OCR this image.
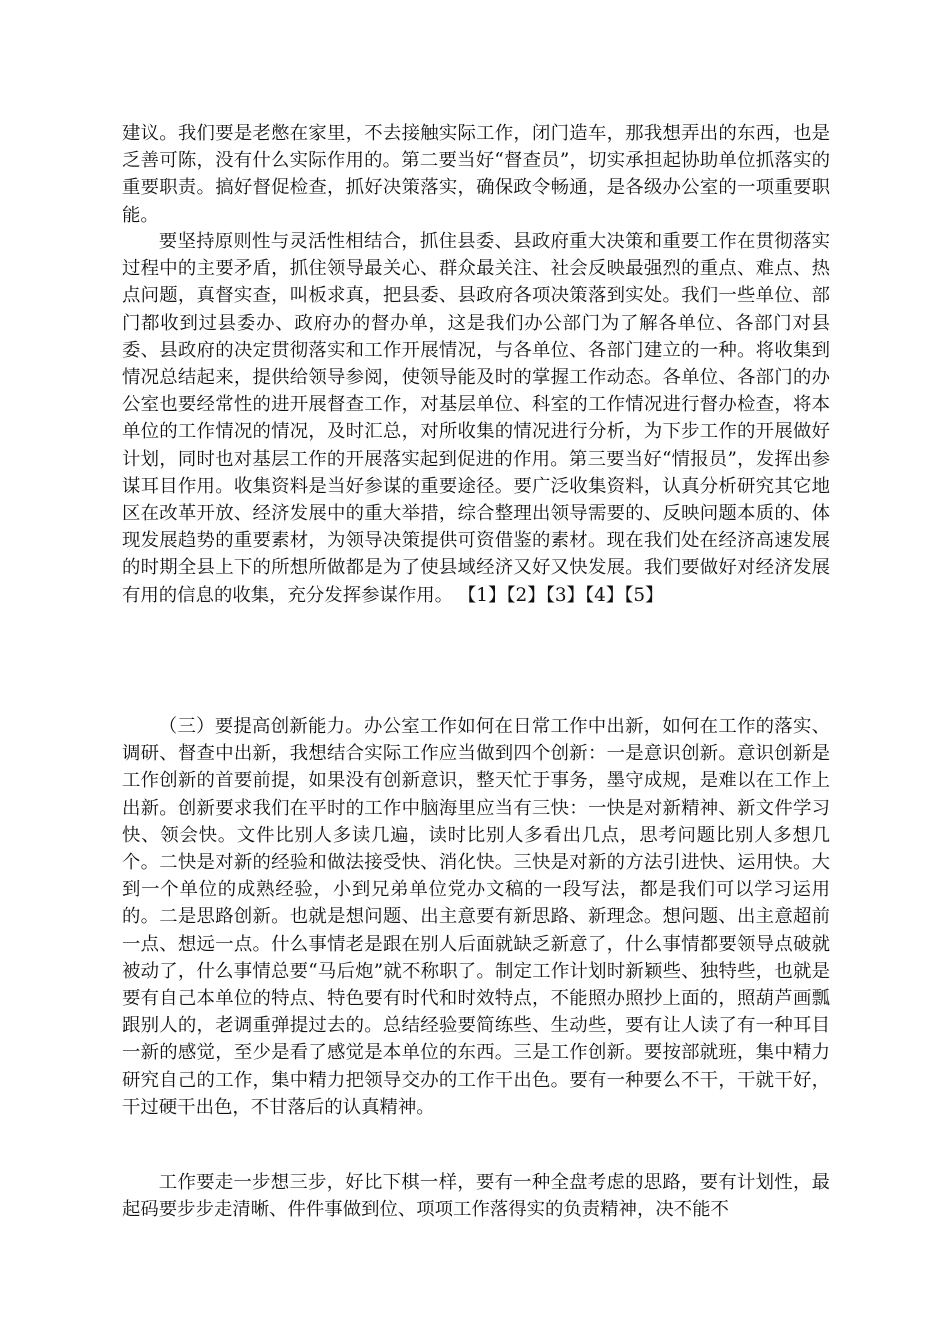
建议。我们要是老憋在家里，不去接触实际工作，闭门造车，那我想弄出的东西，也是乏善可陈，没有什么实际作用的。第二要当好“督查员”，切实承担起协助单位抓落实的重要职责。搞好督促检查，抓好决策落实，确保政令畅通，是各级办公室的一项重要职能。

要坚持原则性与灵活性相结合，抓住县委、县政府重大决策和重要工作在贯彻落实过程中的主要矛盾，抓住领导最关心、群众最关注、社会反映最强烈的重点、难点、热点问题，真督实查，叫板求真，把县委、县政府各项决策落到实处。我们一些单位、部门都收到过县委办、政府办的督办单，这是我们办公部门为了解各单位、各部门对县委、县政府的决定贯彻落实和工作开展情况，与各单位、各部门建立的一种。将收集到情况总结起来，提供给领导参阅，使领导能及时的掌握工作动态。各单位、各部门的办公室也要经常性的进开展督查工作，对基层单位、科室的工作情况进行督办检查，将本单位的工作情况的情况，及时汇总，对所收集的情况进行分析，为下步工作的开展做好计划，同时也对基层工作的开展落实起到促进的作用。第三要当好“情报员”，发挥出参谋耳目作用。收集资料是当好参谋的重要途径。要广泛收集资料，认真分析研究其它地区在改革开放、经济发展中的重大举措，综合整理出领导需要的、反映问题本质的、体现发展趋势的重要素材，为领导决策提供可资借鉴的素材。现在我们处在经济高速发展的时期全县上下的所想所做都是为了使县域经济又好又快发展。我们要做好对经济发展有用的信息的收集，充分发挥参谋作用。 【1】【2】【3】【4】【5】

（三）要提高创新能力。办公室工作如何在日常工作中出新，如何在工作的落实、调研、督查中出新，我想结合实际工作应当做到四个创新：一是意识创新。意识创新是工作创新的首要前提，如果没有创新意识，整天忙于事务，墨守成规，是难以在工作上出新。创新要求我们在平时的工作中脑海里应当有三快：一快是对新精神、新文件学习快、领会快。文件比别人多读几遍，读时比别人多看出几点，思考问题比别人多想几个。二快是对新的经验和做法接受快、消化快。三快是对新的方法引进快、运用快。大到一个单位的成熟经验，小到兄弟单位党办文稿的一段写法，都是我们可以学习运用的。二是思路创新。也就是想问题、出主意要有新思路、新理念。想问题、出主意超前一点、想远一点。什么事情老是跟在别人后面就缺乏新意了，什么事情都要领导点破就被动了，什么事情总要“马后炮”就不称职了。制定工作计划时新颖些、独特些，也就是要有自己本单位的特点、特色要有时代和时效特点，不能照办照抄上面的，照葫芦画瓢跟别人的，老调重弹提过去的。总结经验要简练些、生动些，要有让人读了有一种耳目一新的感觉，至少是看了感觉是本单位的东西。三是工作创新。要按部就班，集中精力研究自己的工作，集中精力把领导交办的工作干出色。要有一种要么不干，干就干好，干过硬干出色，不甘落后的认真精神。

工作要走一步想三步，好比下棋一样，要有一种全盘考虑的思路，要有计划性，最起码要步步走清晰、件件事做到位、项项工作落得实的负责精神，决不能不
